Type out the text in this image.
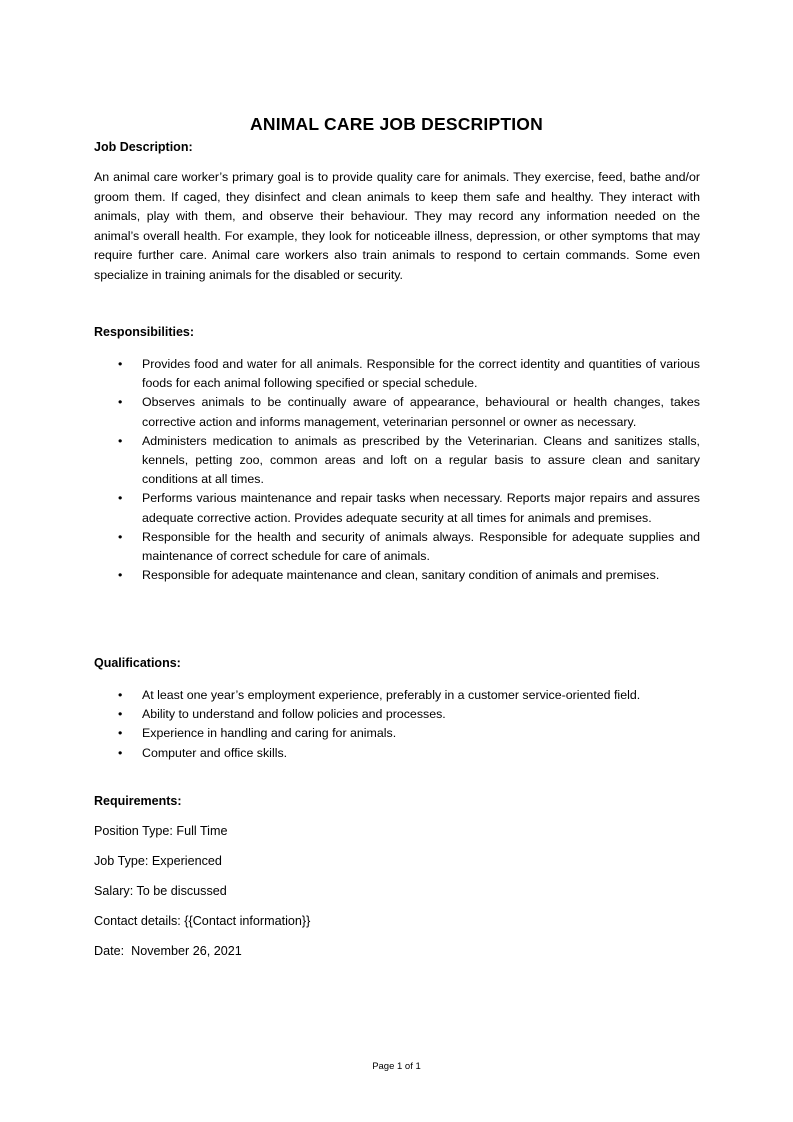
ANIMAL CARE JOB DESCRIPTION
Job Description:
An animal care worker’s primary goal is to provide quality care for animals. They exercise, feed, bathe and/or groom them. If caged, they disinfect and clean animals to keep them safe and healthy. They interact with animals, play with them, and observe their behaviour. They may record any information needed on the animal’s overall health. For example, they look for noticeable illness, depression, or other symptoms that may require further care. Animal care workers also train animals to respond to certain commands. Some even specialize in training animals for the disabled or security.
Responsibilities:
• Provides food and water for all animals. Responsible for the correct identity and quantities of various foods for each animal following specified or special schedule.
• Observes animals to be continually aware of appearance, behavioural or health changes, takes corrective action and informs management, veterinarian personnel or owner as necessary.
• Administers medication to animals as prescribed by the Veterinarian. Cleans and sanitizes stalls, kennels, petting zoo, common areas and loft on a regular basis to assure clean and sanitary conditions at all times.
• Performs various maintenance and repair tasks when necessary. Reports major repairs and assures adequate corrective action. Provides adequate security at all times for animals and premises.
• Responsible for the health and security of animals always. Responsible for adequate supplies and maintenance of correct schedule for care of animals.
• Responsible for adequate maintenance and clean, sanitary condition of animals and premises.
Qualifications:
• At least one year’s employment experience, preferably in a customer service-oriented field.
• Ability to understand and follow policies and processes.
• Experience in handling and caring for animals.
• Computer and office skills.
Requirements:
Position Type: Full Time
Job Type: Experienced
Salary: To be discussed
Contact details: {{Contact information}}
Date:  November 26, 2021
Page 1 of 1
